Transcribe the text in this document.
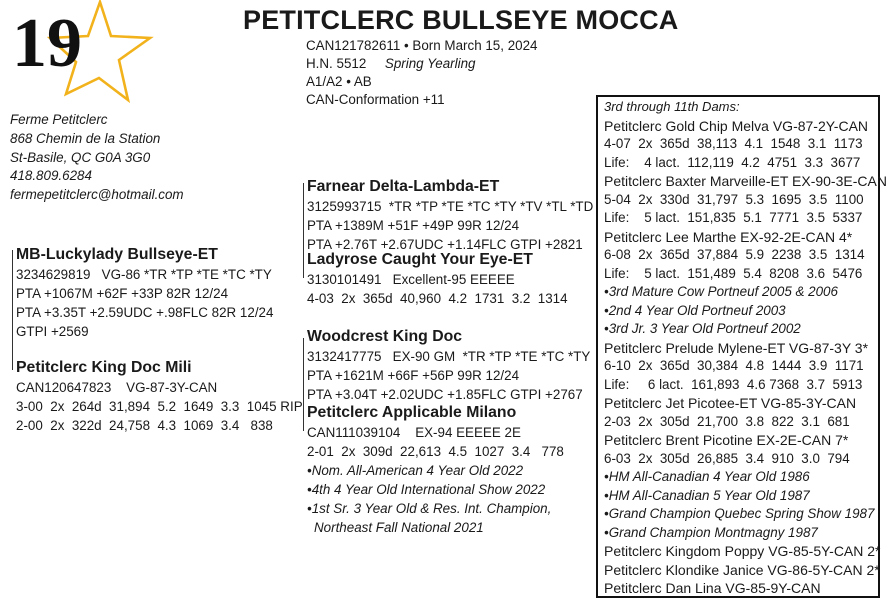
19	PETITCLERC BULLSEYE MOCCA
CAN121782611 • Born March 15, 2024
H.N. 5512 Spring Yearling
A1/A2 • AB
CAN-Conformation +11
Ferme Petitclerc
868 Chemin de la Station
St-Basile, QC G0A 3G0
418.809.6284
fermepetitclerc@hotmail.com
MB-Luckylady Bullseye-ET
3234629819   VG-86 *TR *TP *TE *TC *TY
PTA +1067M +62F +33P 82R 12/24
PTA +3.35T +2.59UDC +.98FLC 82R 12/24
GTPI +2569
Petitclerc King Doc Mili
CAN120647823    VG-87-3Y-CAN
3-00  2x  264d  31,894  5.2  1649  3.3  1045 RIP
2-00  2x  322d  24,758  4.3  1069  3.4   838
Farnear Delta-Lambda-ET
3125993715  *TR *TP *TE *TC *TY *TV *TL *TD
PTA +1389M +51F +49P 99R 12/24
PTA +2.76T +2.67UDC +1.14FLC GTPI +2821
Ladyrose Caught Your Eye-ET
3130101491   Excellent-95 EEEEE
4-03  2x  365d  40,960  4.2  1731  3.2  1314
Woodcrest King Doc
3132417775   EX-90 GM  *TR *TP *TE *TC *TY
PTA +1621M +66F +56P 99R 12/24
PTA +3.04T +2.02UDC +1.85FLC GTPI +2767
Petitclerc Applicable Milano
CAN111039104    EX-94 EEEEE 2E
2-01  2x  309d  22,613  4.5  1027  3.4   778
•Nom. All-American 4 Year Old 2022
•4th 4 Year Old International Show 2022
•1st Sr. 3 Year Old & Res. Int. Champion,
Northeast Fall National 2021
3rd through 11th Dams:
Petitclerc Gold Chip Melva VG-87-2Y-CAN
4-07  2x  365d  38,113  4.1  1548  3.1  1173
Life:    4 lact.  112,119  4.2  4751  3.3  3677
Petitclerc Baxter Marveille-ET EX-90-3E-CAN
5-04  2x  330d  31,797  5.3  1695  3.5  1100
Life:    5 lact.  151,835  5.1  7771  3.5  5337
Petitclerc Lee Marthe EX-92-2E-CAN 4*
6-08  2x  365d  37,884  5.9  2238  3.5  1314
Life:    5 lact.  151,489  5.4  8208  3.6  5476
•3rd Mature Cow Portneuf 2005 & 2006
•2nd 4 Year Old Portneuf 2003
•3rd Jr. 3 Year Old Portneuf 2002
Petitclerc Prelude Mylene-ET VG-87-3Y 3*
6-10  2x  365d  30,384  4.8  1444  3.9  1171
Life:     6 lact.  161,893  4.6 7368  3.7  5913
Petitclerc Jet Picotee-ET VG-85-3Y-CAN
2-03  2x  305d  21,700  3.8  822  3.1  681
Petitclerc Brent Picotine EX-2E-CAN 7*
6-03  2x  305d  26,885  3.4  910  3.0  794
•HM All-Canadian 4 Year Old 1986
•HM All-Canadian 5 Year Old 1987
•Grand Champion Quebec Spring Show 1987
•Grand Champion Montmagny 1987
Petitclerc Kingdom Poppy VG-85-5Y-CAN 2*
Petitclerc Klondike Janice VG-86-5Y-CAN 2*
Petitclerc Dan Lina VG-85-9Y-CAN
